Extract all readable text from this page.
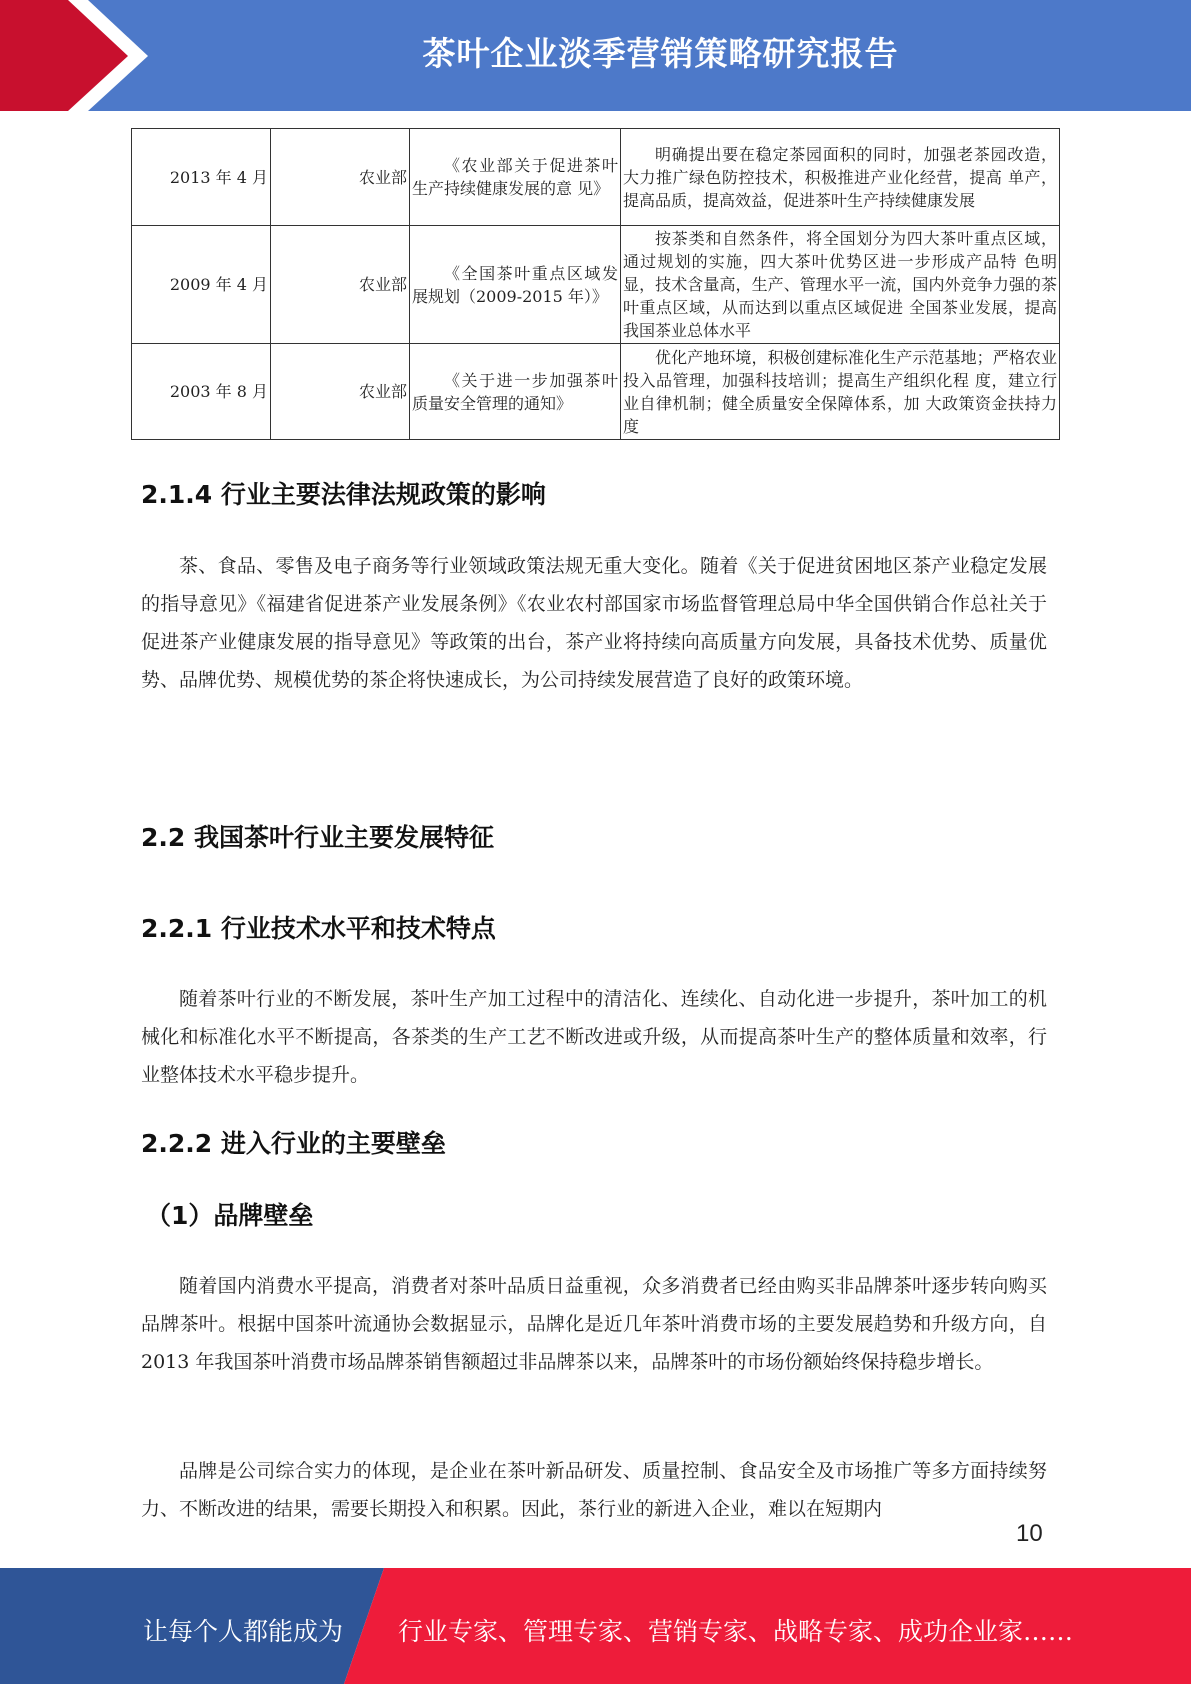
茶叶企业淡季营销策略研究报告
2013 年 4 月	农业部	《农业部关于促进茶叶 生产持续健康发展的意 见》	明确提出要在稳定茶园面积的同时，加强老茶园改造， 大力推广绿色防控技术，积极推进产业化经营，提高 单产，提高品质，提高效益，促进茶叶生产持续健康发展

2009 年 4 月	农业部	《全国茶叶重点区域发 展规划（2009-2015 年）》	按茶类和自然条件，将全国划分为四大茶叶重点区域， 通过规划的实施，四大茶叶优势区进一步形成产品特 色明显，技术含量高，生产、管理水平一流，国内外竞争力强的茶叶重点区域，从而达到以重点区域促进 全国茶业发展，提高我国茶业总体水平

2003 年 8 月	农业部	《关于进一步加强茶叶 质量安全管理的通知》	优化产地环境，积极创建标准化生产示范基地；严格农业投入品管理，加强科技培训；提高生产组织化程 度，建立行业自律机制；健全质量安全保障体系，加 大政策资金扶持力度
2.1.4 行业主要法律法规政策的影响

茶、食品、零售及电子商务等行业领域政策法规无重大变化。随着《关于促进贫困地区茶产业稳定发展的指导意见》《福建省促进茶产业发展条例》《农业农村部国家市场监督管理总局中华全国供销合作总社关于促进茶产业健康发展的指导意见》等政策的出台，茶产业将持续向高质量方向发展，具备技术优势、质量优势、品牌优势、规模优势的茶企将快速成长，为公司持续发展营造了良好的政策环境。

2.2 我国茶叶行业主要发展特征
2.2.1 行业技术水平和技术特点

随着茶叶行业的不断发展，茶叶生产加工过程中的清洁化、连续化、自动化进一步提升，茶叶加工的机械化和标准化水平不断提高，各茶类的生产工艺不断改进或升级，从而提高茶叶生产的整体质量和效率，行业整体技术水平稳步提升。

2.2.2 进入行业的主要壁垒
（1）品牌壁垒

随着国内消费水平提高，消费者对茶叶品质日益重视，众多消费者已经由购买非品牌茶叶逐步转向购买品牌茶叶。根据中国茶叶流通协会数据显示，品牌化是近几年茶叶消费市场的主要发展趋势和升级方向，自 2013 年我国茶叶消费市场品牌茶销售额超过非品牌茶以来，品牌茶叶的市场份额始终保持稳步增长。

品牌是公司综合实力的体现，是企业在茶叶新品研发、质量控制、食品安全及市场推广等多方面持续努力、不断改进的结果，需要长期投入和积累。因此，茶行业的新进入企业，难以在短期内

10
让每个人都能成为 行业专家、管理专家、营销专家、战略专家、成功企业家……
